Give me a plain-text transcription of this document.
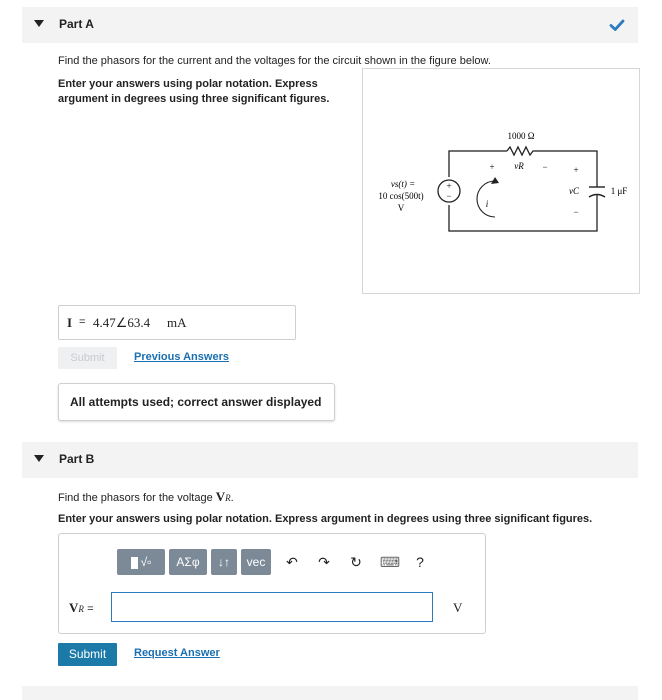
Part A
Find the phasors for the current and the voltages for the circuit shown in the figure below.
Enter your answers using polar notation. Express
argument in degrees using three significant figures.
+
−
1000 Ω
vR
+	−	+
vC
−
1 μF
i
vs(t) =
10 cos(500t)
V
I = 4.47∠63.4 mA
Submit	Previous Answers
All attempts used; correct answer displayed
Part B
Find the phasors for the voltage VR.
Enter your answers using polar notation. Express argument in degrees using three significant figures.
√▫	ΑΣφ	↓↑	vec	↶	↷	↻	⌨	?
VR =	V
Submit	Request Answer
